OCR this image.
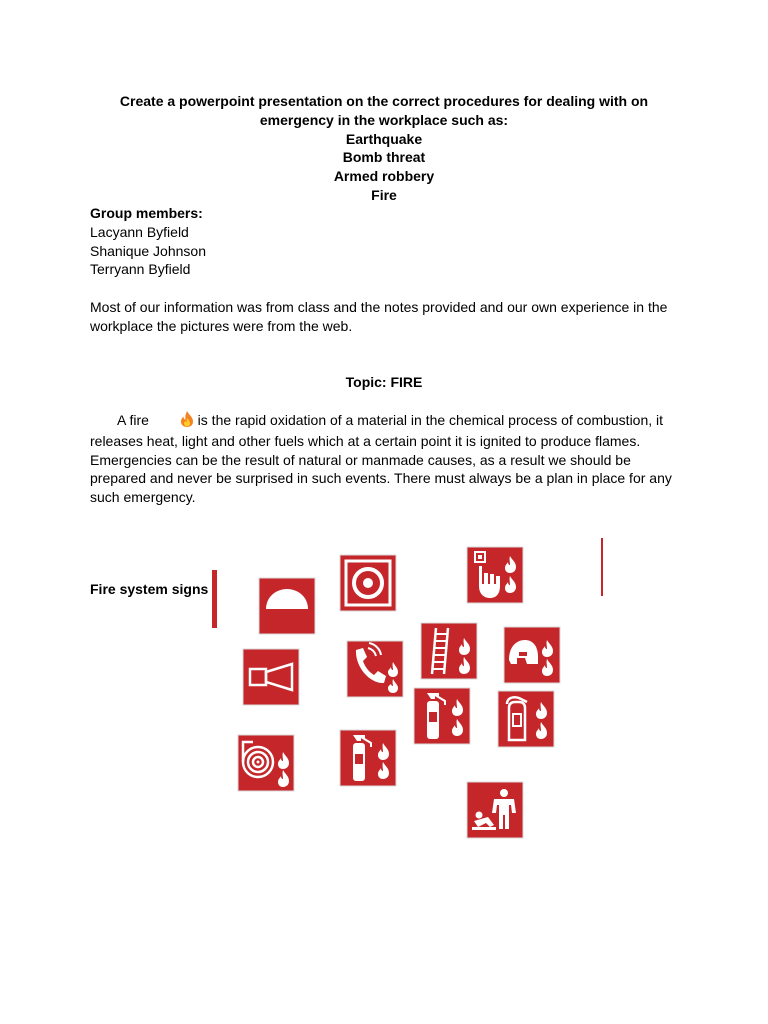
Create a powerpoint presentation on the correct procedures for dealing with on
emergency in the workplace such as:
Earthquake
Bomb threat
Armed robbery
Fire
Group members:
Lacyann Byfield
Shanique Johnson
Terryann Byfield
Most of our information was from class and the notes provided and our own experience in the workplace the pictures were from the web.
Topic: FIRE
A fire	is the rapid oxidation of a material in the chemical process of combustion, it releases heat, light and other fuels which at a certain point it is ignited to produce flames. Emergencies can be the result of natural or manmade causes, as a result we should be prepared and never be surprised in such events. There must always be a plan in place for any such emergency.
Fire system signs
